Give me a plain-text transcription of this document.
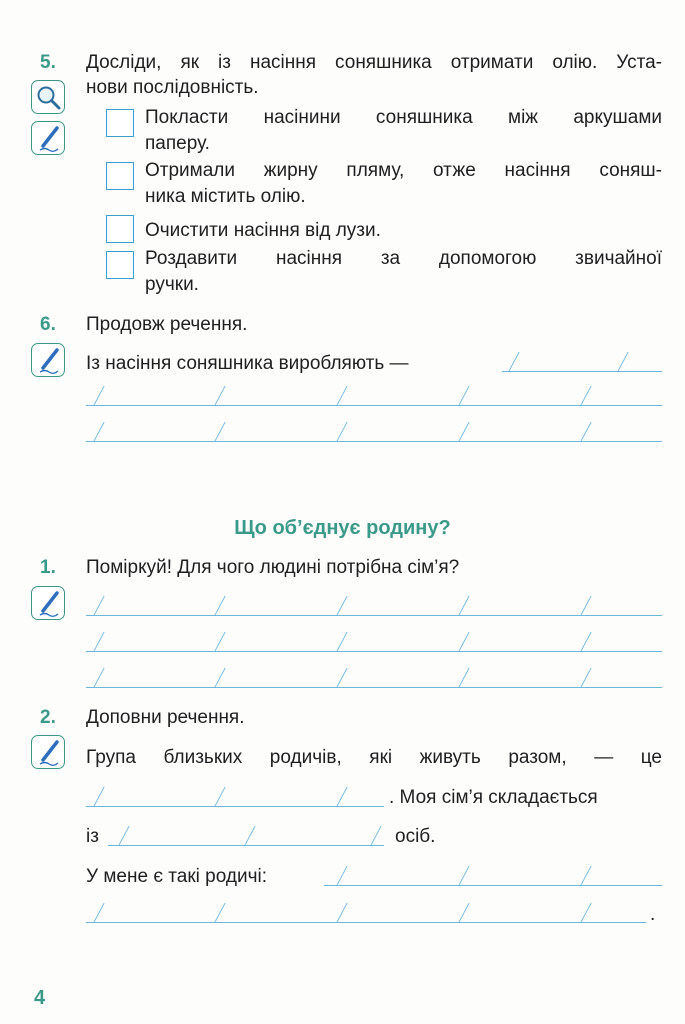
5. Досліди, як із насіння соняшника отримати олію. Уста-
нови послідовність.
Покласти насінини соняшника між аркушами
паперу.
Отримали жирну пляму, отже насіння соняш-
ника містить олію.
Очистити насіння від лузи.
Роздавити насіння за допомогою звичайної
ручки.
6. Продовж речення.
Із насіння соняшника виробляють —
Що об’єднує родину?
1. Поміркуй! Для чого людині потрібна сім’я?
2. Доповни речення.
Група близьких родичів, які живуть разом, — це
. Моя сім’я складається
із	осіб.
У мене є такі родичі:
.
4
